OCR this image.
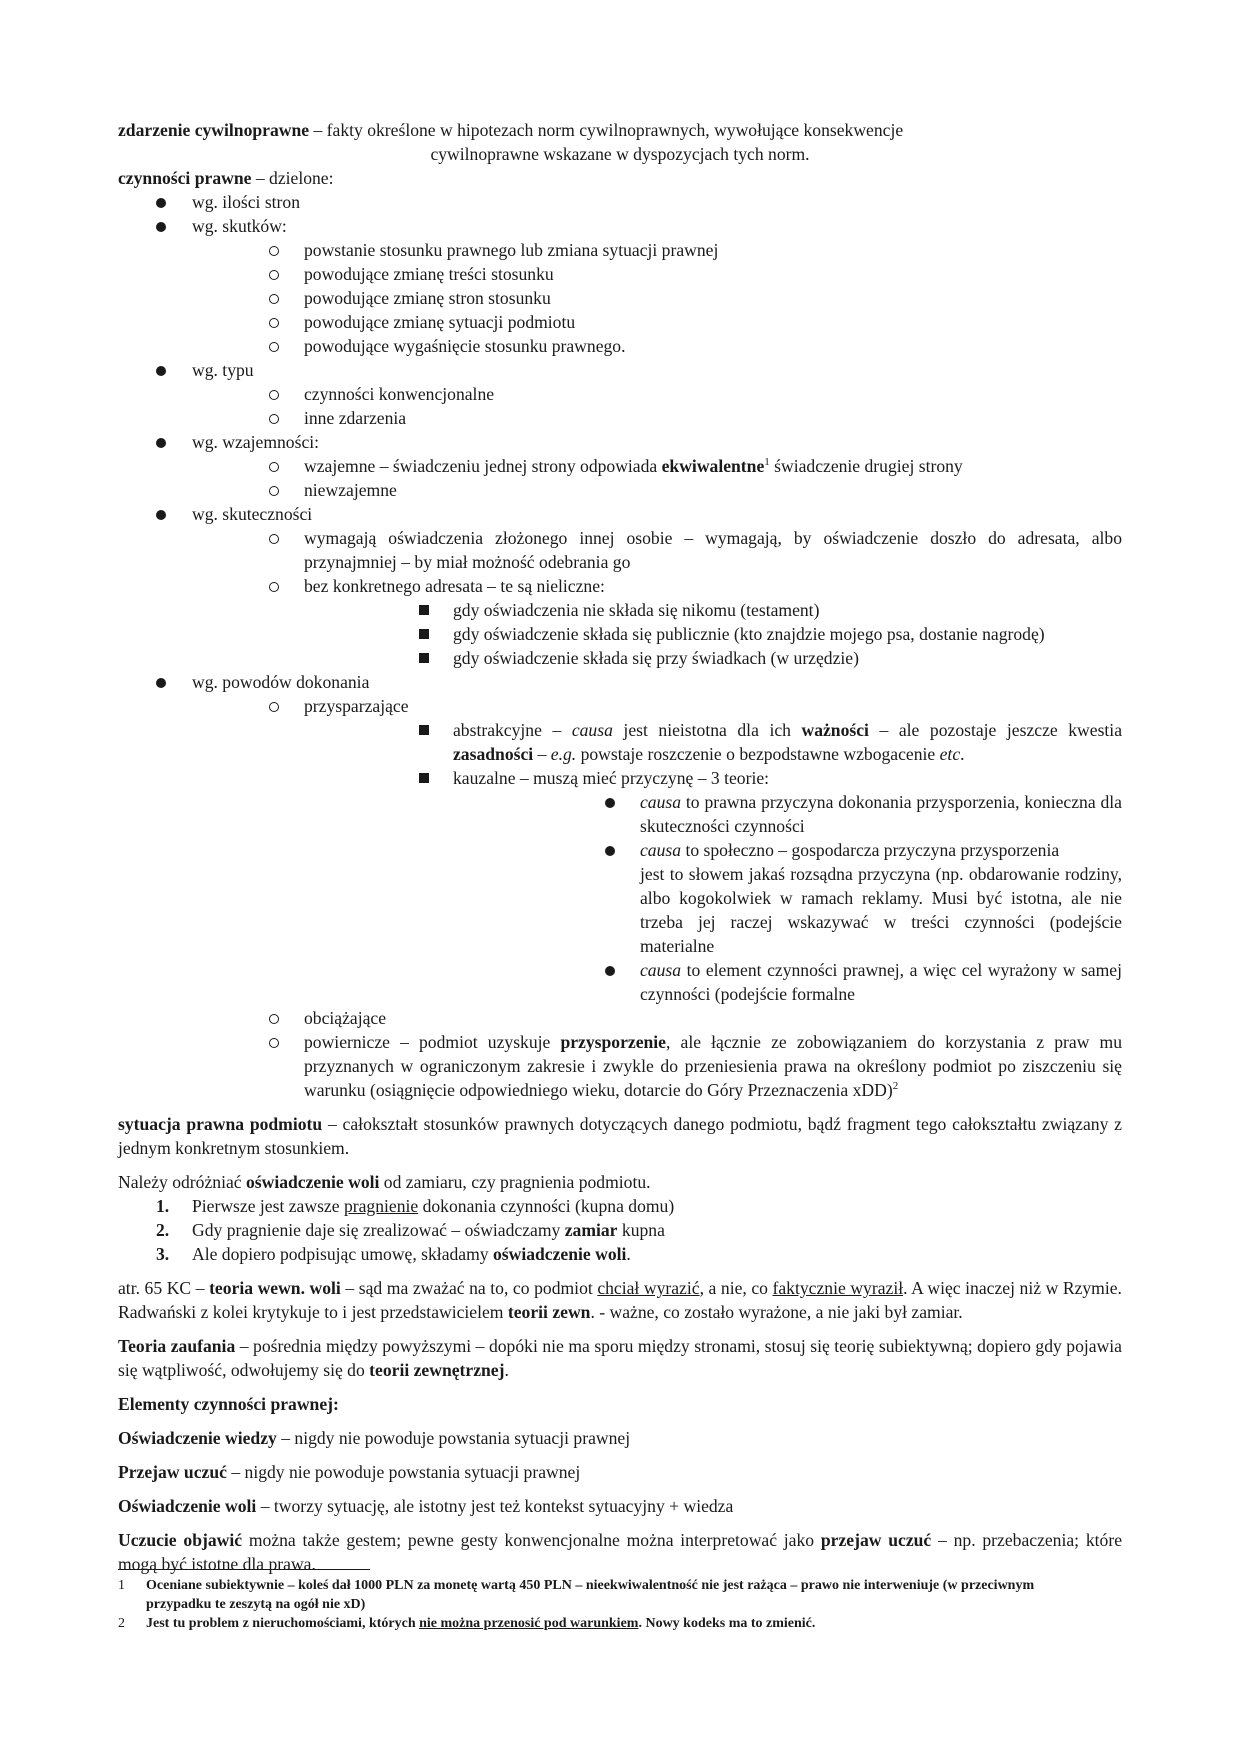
zdarzenie cywilnoprawne – fakty określone w hipotezach norm cywilnoprawnych, wywołujące konsekwencje

cywilnoprawne wskazane w dyspozycjach tych norm.

czynności prawne – dzielone:

wg. ilości stron
wg. skutków:
powstanie stosunku prawnego lub zmiana sytuacji prawnej
powodujące zmianę treści stosunku
powodujące zmianę stron stosunku
powodujące zmianę sytuacji podmiotu
powodujące wygaśnięcie stosunku prawnego.
wg. typu
czynności konwencjonalne
inne zdarzenia
wg. wzajemności:
wzajemne – świadczeniu jednej strony odpowiada ekwiwalentne$^1$ świadczenie drugiej strony
niewzajemne
wg. skuteczności
wymagają oświadczenia złożonego innej osobie – wymagają, by oświadczenie doszło do adresata, albo przynajmniej – by miał możność odebrania go
bez konkretnego adresata – te są nieliczne:
gdy oświadczenia nie składa się nikomu (testament)
gdy oświadczenie składa się publicznie (kto znajdzie mojego psa, dostanie nagrodę)
gdy oświadczenie składa się przy świadkach (w urzędzie)
wg. powodów dokonania
przysparzające
abstrakcyjne – causa jest nieistotna dla ich ważności – ale pozostaje jeszcze kwestia zasadności – e.g. powstaje roszczenie o bezpodstawne wzbogacenie etc.
kauzalne – muszą mieć przyczynę – 3 teorie:
causa to prawna przyczyna dokonania przysporzenia, konieczna dla skuteczności czynności
causa to społeczno – gospodarcza przyczyna przysporzenia
jest to słowem jakaś rozsądna przyczyna (np. obdarowanie rodziny, albo kogokolwiek w ramach reklamy. Musi być istotna, ale nie trzeba jej raczej wskazywać w treści czynności (podejście materialne
causa to element czynności prawnej, a więc cel wyrażony w samej czynności (podejście formalne
obciążające
powiernicze – podmiot uzyskuje przysporzenie, ale łącznie ze zobowiązaniem do korzystania z praw mu przyznanych w ograniczonym zakresie i zwykle do przeniesienia prawa na określony podmiot po ziszczeniu się warunku (osiągnięcie odpowiedniego wieku, dotarcie do Góry Przeznaczenia xDD)$^2$

sytuacja prawna podmiotu – całokształt stosunków prawnych dotyczących danego podmiotu, bądź fragment tego całokształtu związany z jednym konkretnym stosunkiem.

Należy odróżniać oświadczenie woli od zamiaru, czy pragnienia podmiotu.

1. Pierwsze jest zawsze pragnienie dokonania czynności (kupna domu)
2. Gdy pragnienie daje się zrealizować – oświadczamy zamiar kupna
3. Ale dopiero podpisując umowę, składamy oświadczenie woli.

atr. 65 KC – teoria wewn. woli – sąd ma zważać na to, co podmiot chciał wyrazić, a nie, co faktycznie wyraził. A więc inaczej niż w Rzymie. Radwański z kolei krytykuje to i jest przedstawicielem teorii zewn. - ważne, co zostało wyrażone, a nie jaki był zamiar.

Teoria zaufania – pośrednia między powyższymi – dopóki nie ma sporu między stronami, stosuj się teorię subiektywną; dopiero gdy pojawia się wątpliwość, odwołujemy się do teorii zewnętrznej.

Elementy czynności prawnej:

Oświadczenie wiedzy – nigdy nie powoduje powstania sytuacji prawnej

Przejaw uczuć – nigdy nie powoduje powstania sytuacji prawnej

Oświadczenie woli – tworzy sytuację, ale istotny jest też kontekst sytuacyjny + wiedza

Uczucie objawić można także gestem; pewne gesty konwencjonalne można interpretować jako przejaw uczuć – np. przebaczenia; które mogą być istotne dla prawa.

1 Oceniane subiektywnie – koleś dał 1000 PLN za monetę wartą 450 PLN – nieekwiwalentność nie jest rażąca – prawo nie interweniuje (w przeciwnym przypadku te zeszytą na ogół nie xD)
2 Jest tu problem z nieruchomościami, których nie można przenosić pod warunkiem. Nowy kodeks ma to zmienić.
